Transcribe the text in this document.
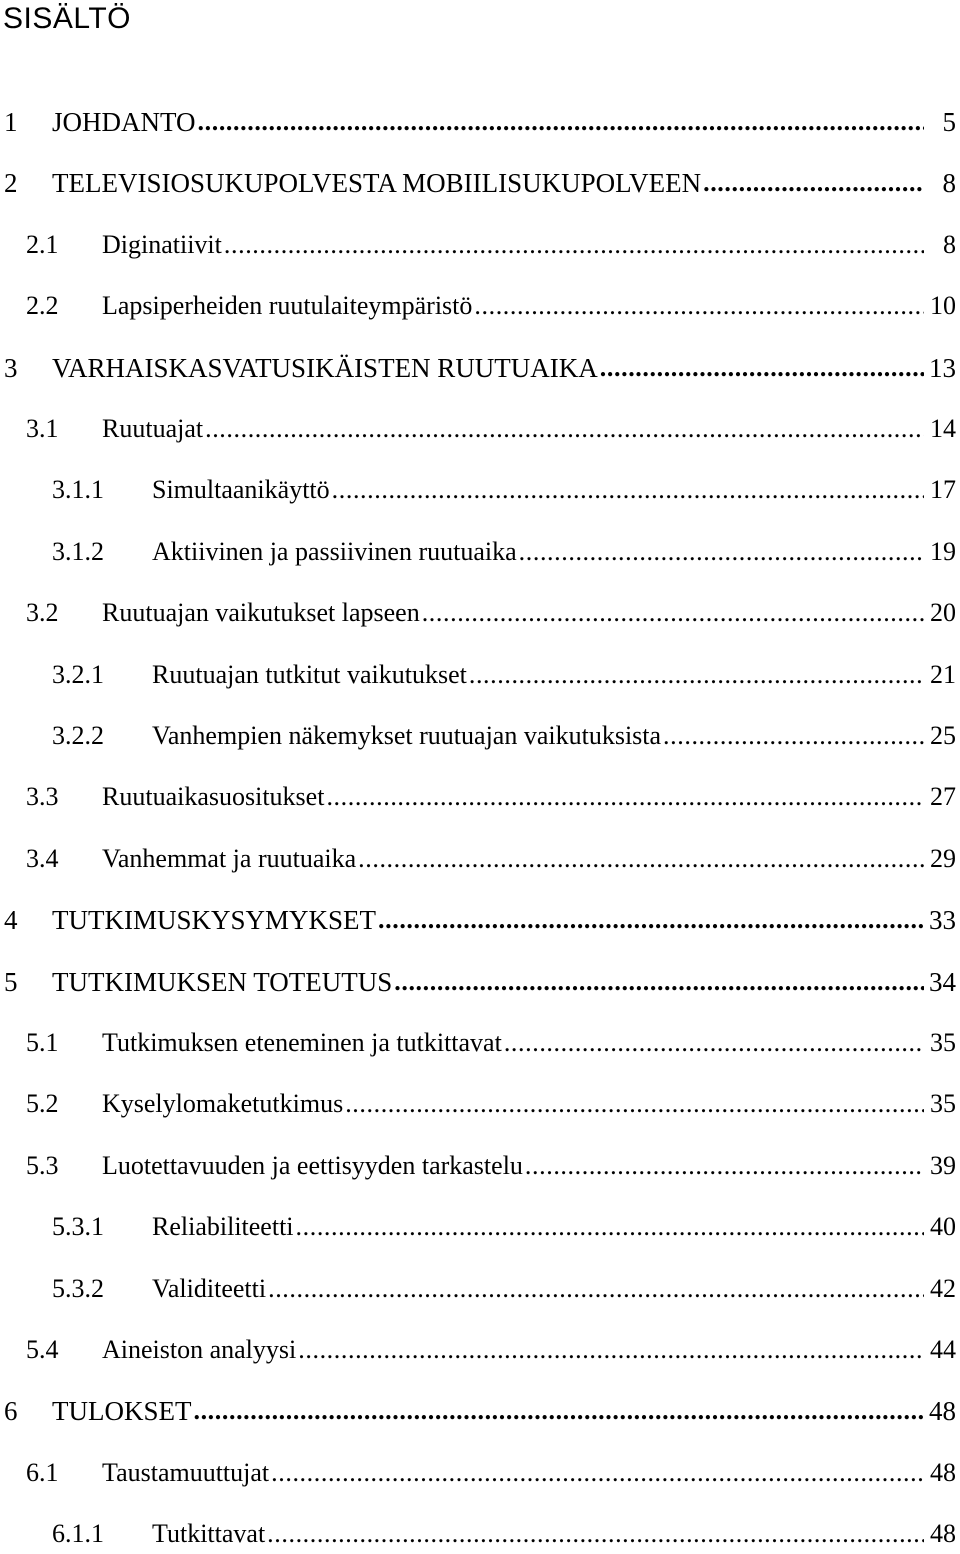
SISÄLTÖ
1 JOHDANTO .....	5
2 TELEVISIOSUKUPOLVESTA MOBIILISUKUPOLVEEN .....	8
2.1 Diginatiivit .....	8
2.2 Lapsiperheiden ruutulaiteympäristö .....	10
3 VARHAISKASVATUSIKÄISTEN RUUTUAIKA .....	13
3.1 Ruutuajat .....	14
3.1.1 Simultaanikäyttö .....	17
3.1.2 Aktiivinen ja passiivinen ruutuaika .....	19
3.2 Ruutuajan vaikutukset lapseen .....	20
3.2.1 Ruutuajan tutkitut vaikutukset .....	21
3.2.2 Vanhempien näkemykset ruutuajan vaikutuksista .....	25
3.3 Ruutuaikasuositukset .....	27
3.4 Vanhemmat ja ruutuaika .....	29
4 TUTKIMUSKYSYMYKSET .....	33
5 TUTKIMUKSEN TOTEUTUS .....	34
5.1 Tutkimuksen eteneminen ja tutkittavat .....	35
5.2 Kyselylomaketutkimus .....	35
5.3 Luotettavuuden ja eettisyyden tarkastelu .....	39
5.3.1 Reliabiliteetti .....	40
5.3.2 Validiteetti .....	42
5.4 Aineiston analyysi .....	44
6 TULOKSET .....	48
6.1 Taustamuuttujat .....	48
6.1.1 Tutkittavat .....	48
